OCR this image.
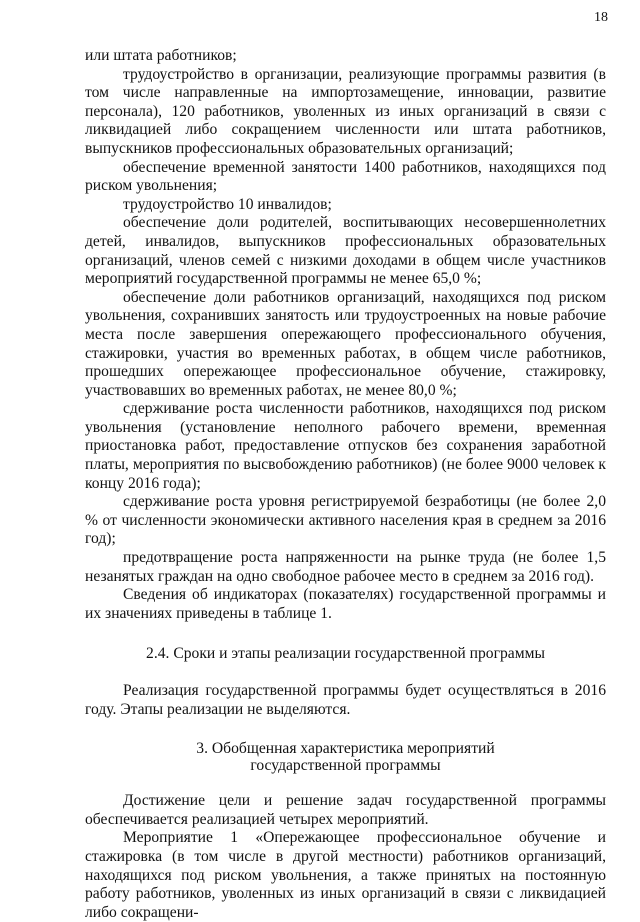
18

или штата работников;

трудоустройство в организации, реализующие программы развития (в том числе направленные на импортозамещение, инновации, развитие персонала), 120 работников, уволенных из иных организаций в связи с ликвидацией либо сокращением численности или штата работников, выпускников профессиональных образовательных организаций;

обеспечение временной занятости 1400 работников, находящихся под риском увольнения;

трудоустройство 10 инвалидов;

обеспечение доли родителей, воспитывающих несовершеннолетних детей, инвалидов, выпускников профессиональных образовательных организаций, членов семей с низкими доходами в общем числе участников мероприятий государственной программы не менее 65,0 %;

обеспечение доли работников организаций, находящихся под риском увольнения, сохранивших занятость или трудоустроенных на новые рабочие места после завершения опережающего профессионального обучения, стажировки, участия во временных работах, в общем числе работников, прошедших опережающее профессиональное обучение, стажировку, участвовавших во временных работах, не менее 80,0 %;

сдерживание роста численности работников, находящихся под риском увольнения (установление неполного рабочего времени, временная приостановка работ, предоставление отпусков без сохранения заработной платы, мероприятия по высвобождению работников) (не более 9000 человек к концу 2016 года);

сдерживание роста уровня регистрируемой безработицы (не более 2,0 % от численности экономически активного населения края в среднем за 2016 год);

предотвращение роста напряженности на рынке труда (не более 1,5 незанятых граждан на одно свободное рабочее место в среднем за 2016 год).

Сведения об индикаторах (показателях) государственной программы и их значениях приведены в таблице 1.

2.4. Сроки и этапы реализации государственной программы

Реализация государственной программы будет осуществляться в 2016 году. Этапы реализации не выделяются.

3. Обобщенная характеристика мероприятий
государственной программы

Достижение цели и решение задач государственной программы обеспечивается реализацией четырех мероприятий.

Мероприятие 1 «Опережающее профессиональное обучение и стажировка (в том числе в другой местности) работников организаций, находящихся под риском увольнения, а также принятых на постоянную работу работников, уволенных из иных организаций в связи с ликвидацией либо сокращени-
